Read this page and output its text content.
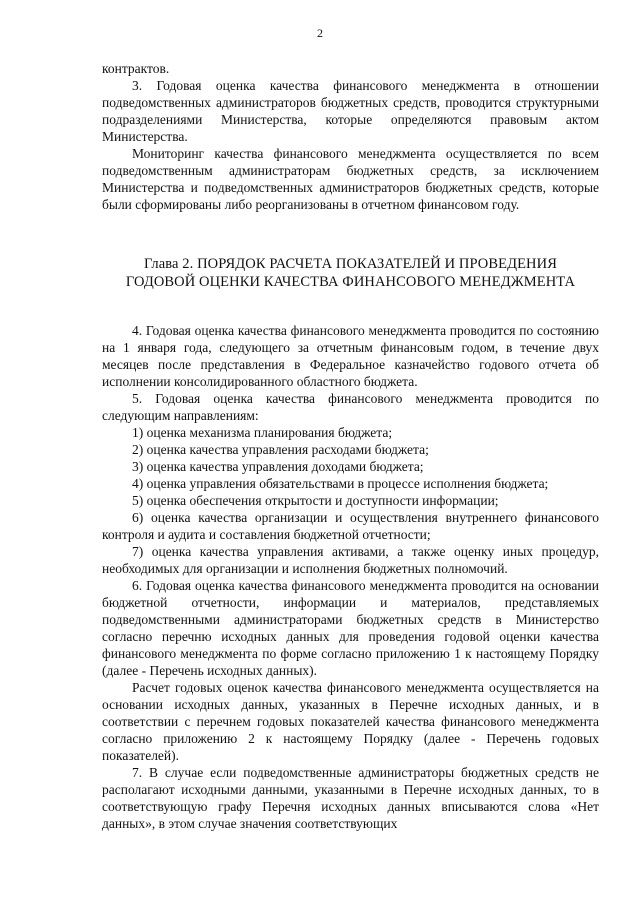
2

контрактов.

3. Годовая оценка качества финансового менеджмента в отношении подведомственных администраторов бюджетных средств, проводится структурными подразделениями Министерства, которые определяются правовым актом Министерства.

Мониторинг качества финансового менеджмента осуществляется по всем подведомственным администраторам бюджетных средств, за исключением Министерства и подведомственных администраторов бюджетных средств, которые были сформированы либо реорганизованы в отчетном финансовом году.

Глава 2. ПОРЯДОК РАСЧЕТА ПОКАЗАТЕЛЕЙ И ПРОВЕДЕНИЯ
ГОДОВОЙ ОЦЕНКИ КАЧЕСТВА ФИНАНСОВОГО МЕНЕДЖМЕНТА

4. Годовая оценка качества финансового менеджмента проводится по состоянию на 1 января года, следующего за отчетным финансовым годом, в течение двух месяцев после представления в Федеральное казначейство годового отчета об исполнении консолидированного областного бюджета.

5. Годовая оценка качества финансового менеджмента проводится по следующим направлениям:

1) оценка механизма планирования бюджета;

2) оценка качества управления расходами бюджета;

3) оценка качества управления доходами бюджета;

4) оценка управления обязательствами в процессе исполнения бюджета;

5) оценка обеспечения открытости и доступности информации;

6) оценка качества организации и осуществления внутреннего финансового контроля и аудита и составления бюджетной отчетности;

7) оценка качества управления активами, а также оценку иных процедур, необходимых для организации и исполнения бюджетных полномочий.

6. Годовая оценка качества финансового менеджмента проводится на основании бюджетной отчетности, информации и материалов, представляемых подведомственными администраторами бюджетных средств в Министерство согласно перечню исходных данных для проведения годовой оценки качества финансового менеджмента по форме согласно приложению 1 к настоящему Порядку (далее - Перечень исходных данных).

Расчет годовых оценок качества финансового менеджмента осуществляется на основании исходных данных, указанных в Перечне исходных данных, и в соответствии с перечнем годовых показателей качества финансового менеджмента согласно приложению 2 к настоящему Порядку (далее - Перечень годовых показателей).

7. В случае если подведомственные администраторы бюджетных средств не располагают исходными данными, указанными в Перечне исходных данных, то в соответствующую графу Перечня исходных данных вписываются слова «Нет данных», в этом случае значения соответствующих
